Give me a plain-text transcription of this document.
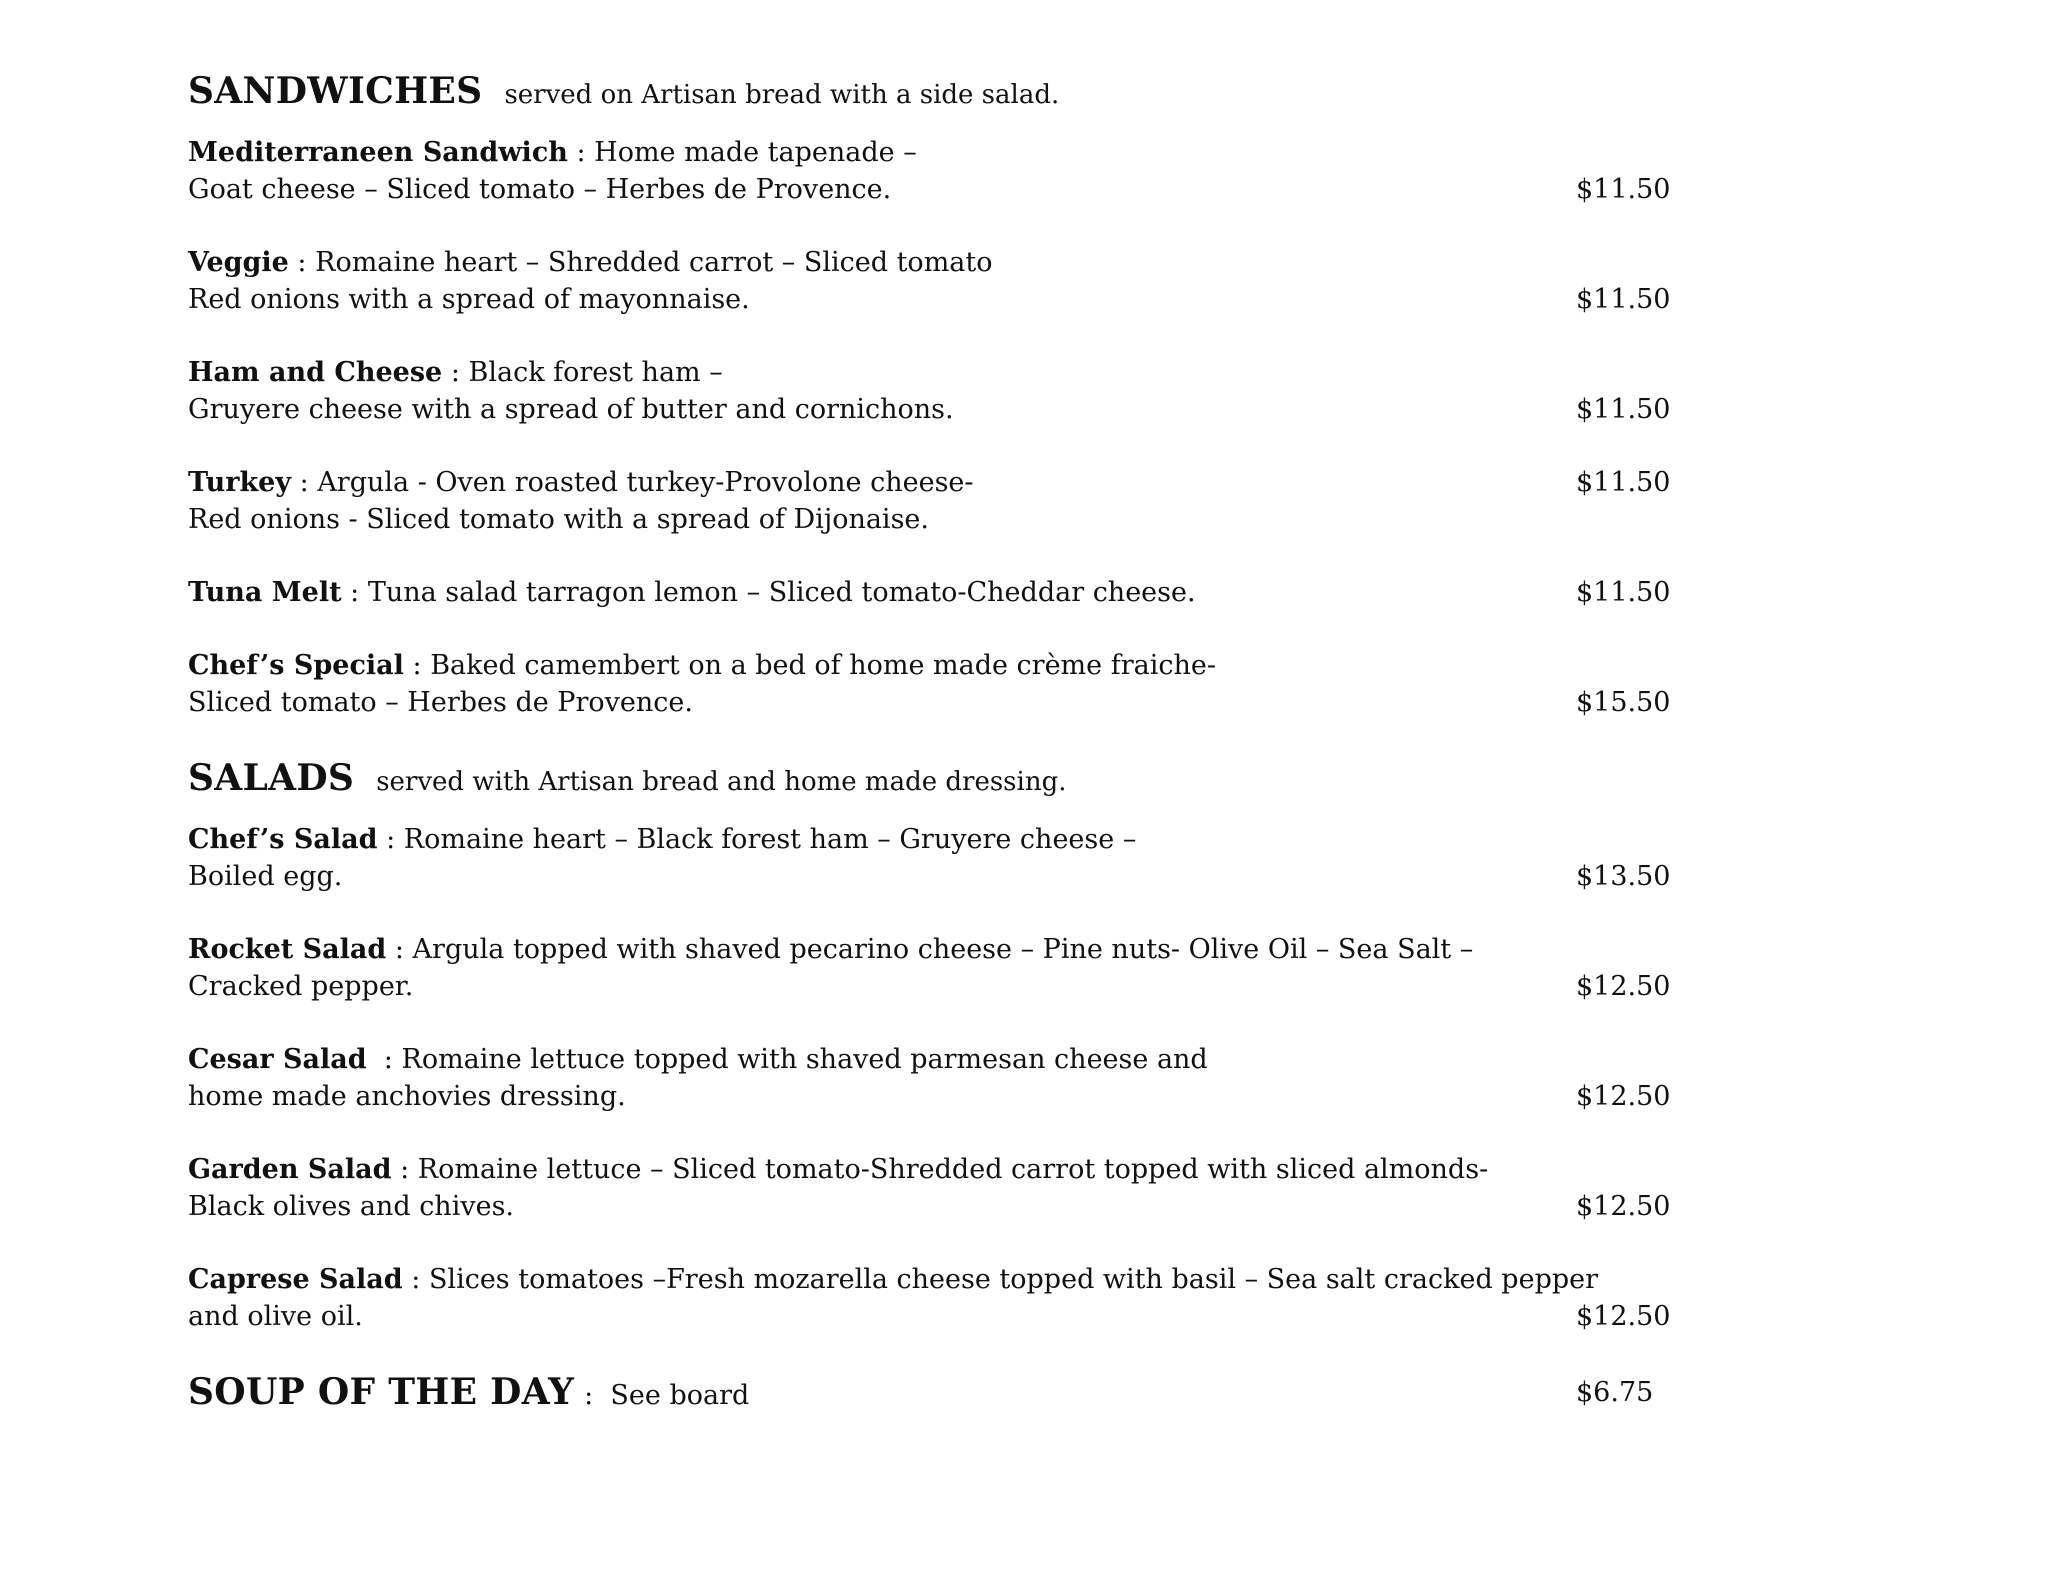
SANDWICHES served on Artisan bread with a side salad.
Mediterraneen Sandwich : Home made tapenade –
Goat cheese – Sliced tomato – Herbes de Provence.	$11.50
Veggie : Romaine heart – Shredded carrot – Sliced tomato
Red onions with a spread of mayonnaise.	$11.50
Ham and Cheese : Black forest ham –
Gruyere cheese with a spread of butter and cornichons.	$11.50
Turkey : Argula - Oven roasted turkey-Provolone cheese-
Red onions - Sliced tomato with a spread of Dijonaise.
$11.50
Tuna Melt : Tuna salad tarragon lemon – Sliced tomato-Cheddar cheese.	$11.50
Chef’s Special : Baked camembert on a bed of home made crème fraiche-
Sliced tomato – Herbes de Provence.	$15.50
SALADS served with Artisan bread and home made dressing.
Chef’s Salad : Romaine heart – Black forest ham – Gruyere cheese –
Boiled egg.	$13.50
Rocket Salad : Argula topped with shaved pecarino cheese – Pine nuts- Olive Oil – Sea Salt –
Cracked pepper.	$12.50
Cesar Salad  : Romaine lettuce topped with shaved parmesan cheese and
home made anchovies dressing.	$12.50
Garden Salad : Romaine lettuce – Sliced tomato-Shredded carrot topped with sliced almonds-
Black olives and chives.	$12.50
Caprese Salad : Slices tomatoes –Fresh mozarella cheese topped with basil – Sea salt cracked pepper
and olive oil.	$12.50
SOUP OF THE DAY :  See board	$6.75
